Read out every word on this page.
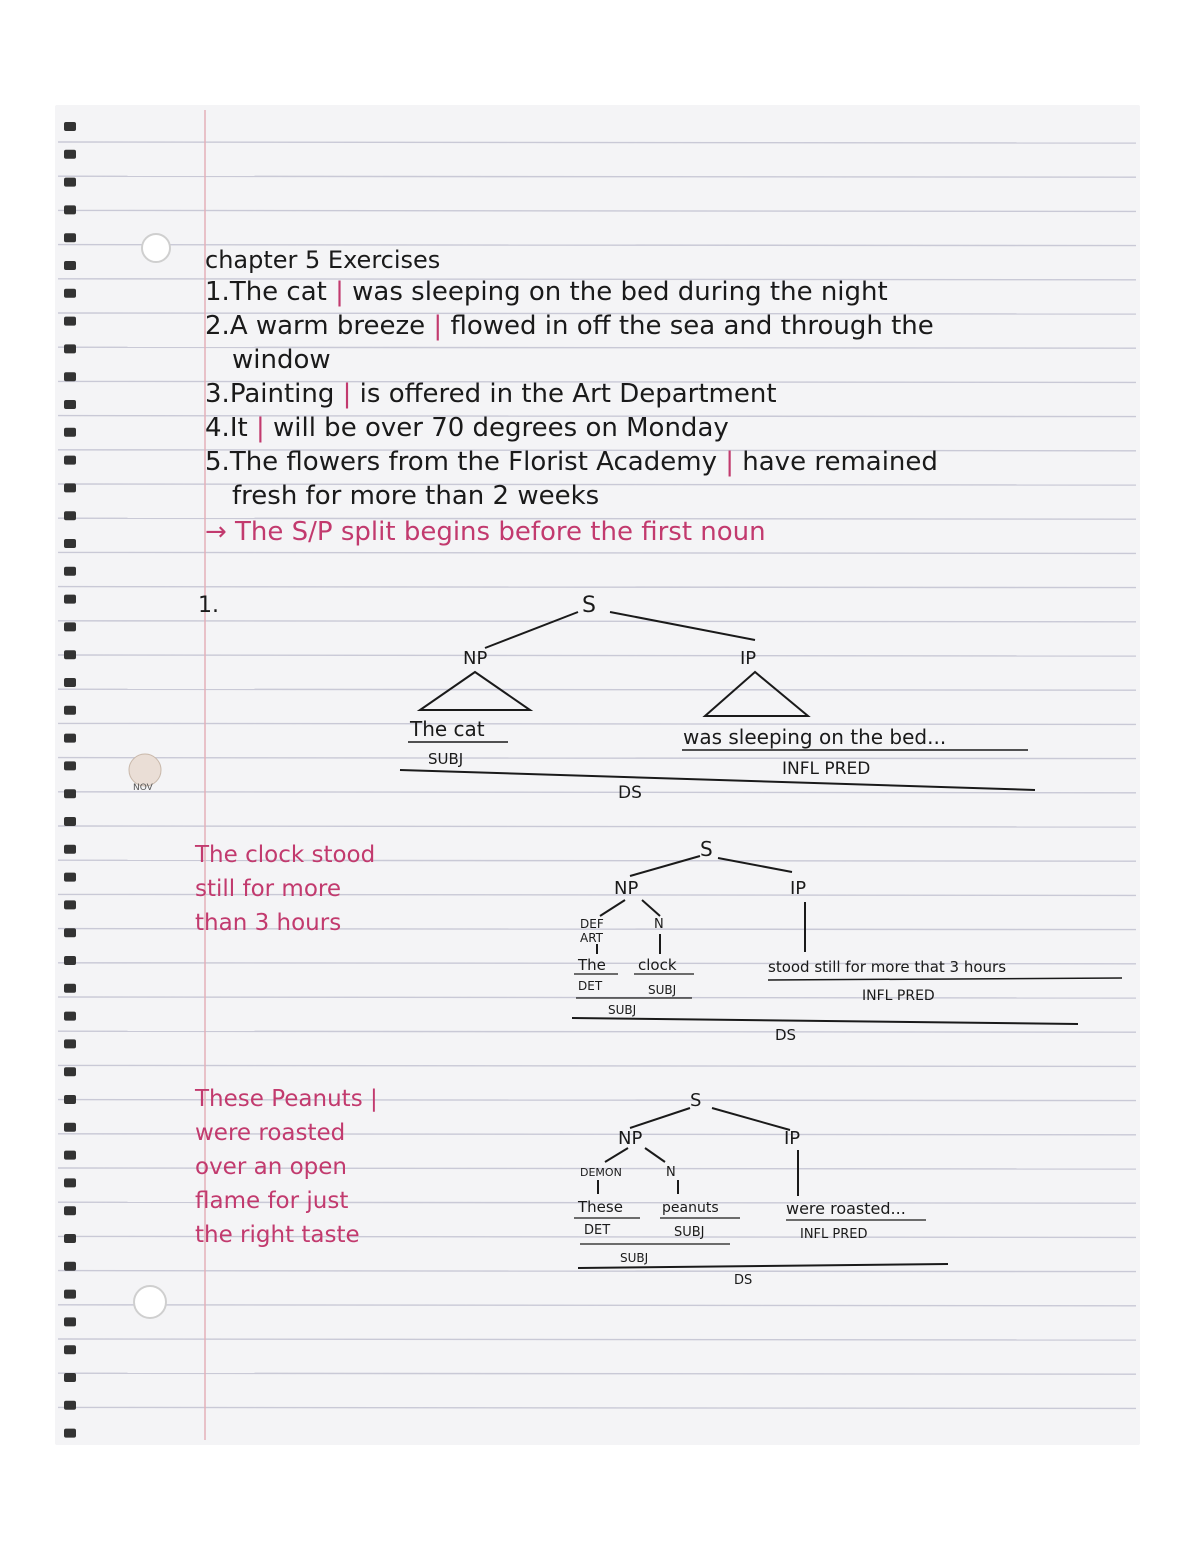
NOV
chapter 5 Exercises
1.The cat | was sleeping on the bed during the night
2.A warm breeze | flowed in off the sea and through the
window
3.Painting | is offered in the Art Department
4.It | will be over 70 degrees on Monday
5.The flowers from the Florist Academy | have remained
fresh for more than 2 weeks
→ The S/P split begins before the first noun
1.	S
NP	IP
The cat
SUBJ
was sleeping on the bed...
INFL PRED
DS
The clock stood
still for more
than 3 hours
S
NP	IP
DEF
ART
N
The clock
DET	SUBJ
SUBJ
stood still for more that 3 hours
INFL PRED
DS
These Peanuts |
were roasted
over an open
flame for just
the right taste
S
NP	IP
DEMON	N
These	peanuts
DET	SUBJ
SUBJ
were roasted...
INFL PRED
DS
